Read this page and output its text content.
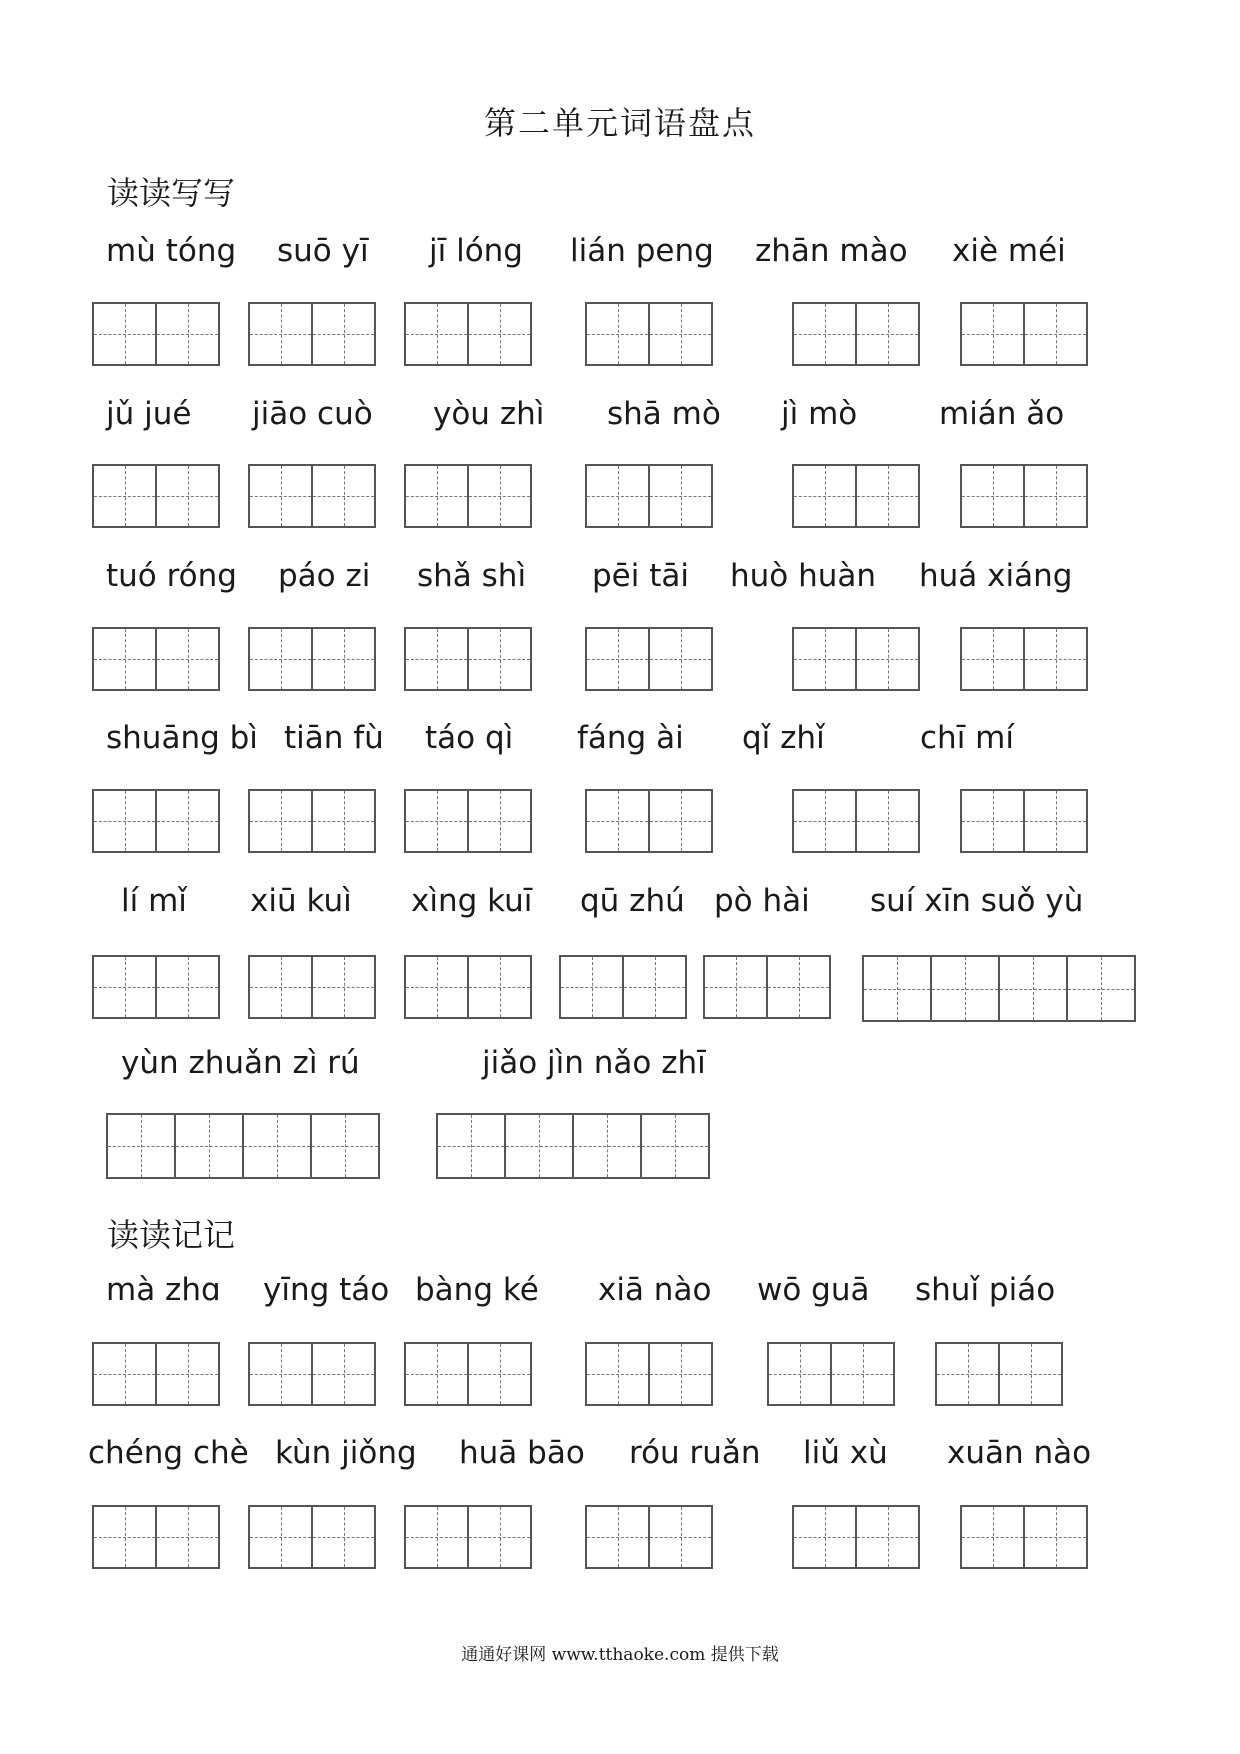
第二单元词语盘点
读读写写
读读记记
mù tóng suō yī jī lóng lián peng zhān mào xiè méi
jǔ jué jiāo cuò yòu zhì shā mò jì mò	mián ǎo
tuó róng páo zi shǎ shì pēi tāi huò huàn huá xiáng
shuāng bì tiān fù táo qì fáng ài qǐ zhǐ	chī mí
lí mǐ xiū kuì xìng kuī qū zhú pò hài suí xīn suǒ yù
yùn zhuǎn zì rú	jiǎo jìn nǎo zhī
mà zhɑ yīng táo bàng ké xiā nào wō guā shuǐ piáo
chéng chè kùn jiǒng huā bāo róu ruǎn liǔ xù xuān nào
通通好课网 www.tthaoke.com 提供下载
